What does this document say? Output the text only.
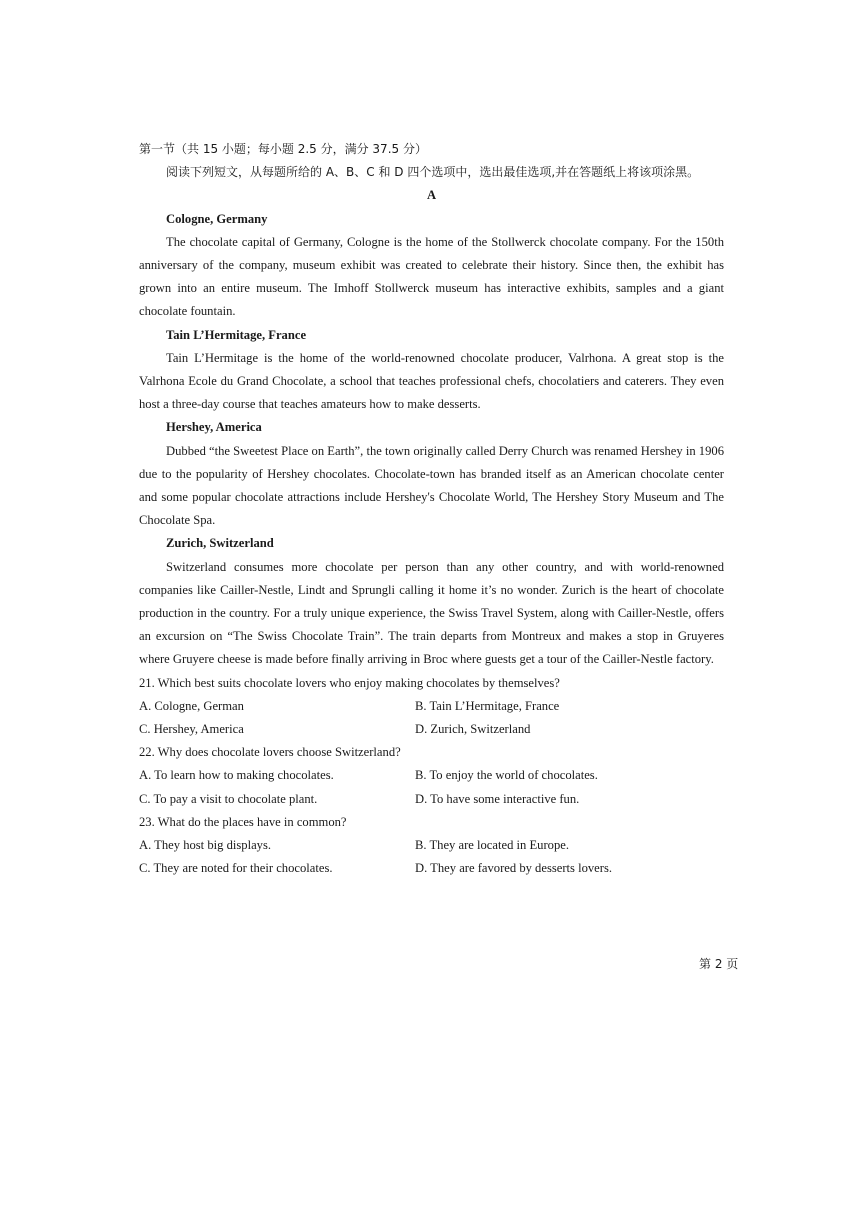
第一节（共 15 小题；每小题 2.5 分，满分 37.5 分）

阅读下列短文，从每题所给的 A、B、C 和 D 四个选项中，选出最佳选项,并在答题纸上将该项涂黑。

A

Cologne, Germany

The chocolate capital of Germany, Cologne is the home of the Stollwerck chocolate company. For the 150th anniversary of the company, museum exhibit was created to celebrate their history. Since then, the exhibit has grown into an entire museum. The Imhoff Stollwerck museum has interactive exhibits, samples and a giant chocolate fountain.

Tain L’Hermitage, France

Tain L’Hermitage is the home of the world-renowned chocolate producer, Valrhona. A great stop is the Valrhona Ecole du Grand Chocolate, a school that teaches professional chefs, chocolatiers and caterers. They even host a three-day course that teaches amateurs how to make desserts.

Hershey, America

Dubbed “the Sweetest Place on Earth”, the town originally called Derry Church was renamed Hershey in 1906 due to the popularity of Hershey chocolates. Chocolate-town has branded itself as an American chocolate center and some popular chocolate attractions include Hershey's Chocolate World, The Hershey Story Museum and The Chocolate Spa.

Zurich, Switzerland

Switzerland consumes more chocolate per person than any other country, and with world-renowned companies like Cailler-Nestle, Lindt and Sprungli calling it home it’s no wonder. Zurich is the heart of chocolate production in the country. For a truly unique experience, the Swiss Travel System, along with Cailler-Nestle, offers an excursion on “The Swiss Chocolate Train”. The train departs from Montreux and makes a stop in Gruyeres where Gruyere cheese is made before finally arriving in Broc where guests get a tour of the Cailler-Nestle factory.

21. Which best suits chocolate lovers who enjoy making chocolates by themselves?

A. Cologne, German	B. Tain L’Hermitage, France
C. Hershey, America	D. Zurich, Switzerland

22. Why does chocolate lovers choose Switzerland?

A. To learn how to making chocolates.	B. To enjoy the world of chocolates.
C. To pay a visit to chocolate plant.	D. To have some interactive fun.

23. What do the places have in common?

A. They host big displays.	B. They are located in Europe.
C. They are noted for their chocolates.	D. They are favored by desserts lovers.
第 2 页
